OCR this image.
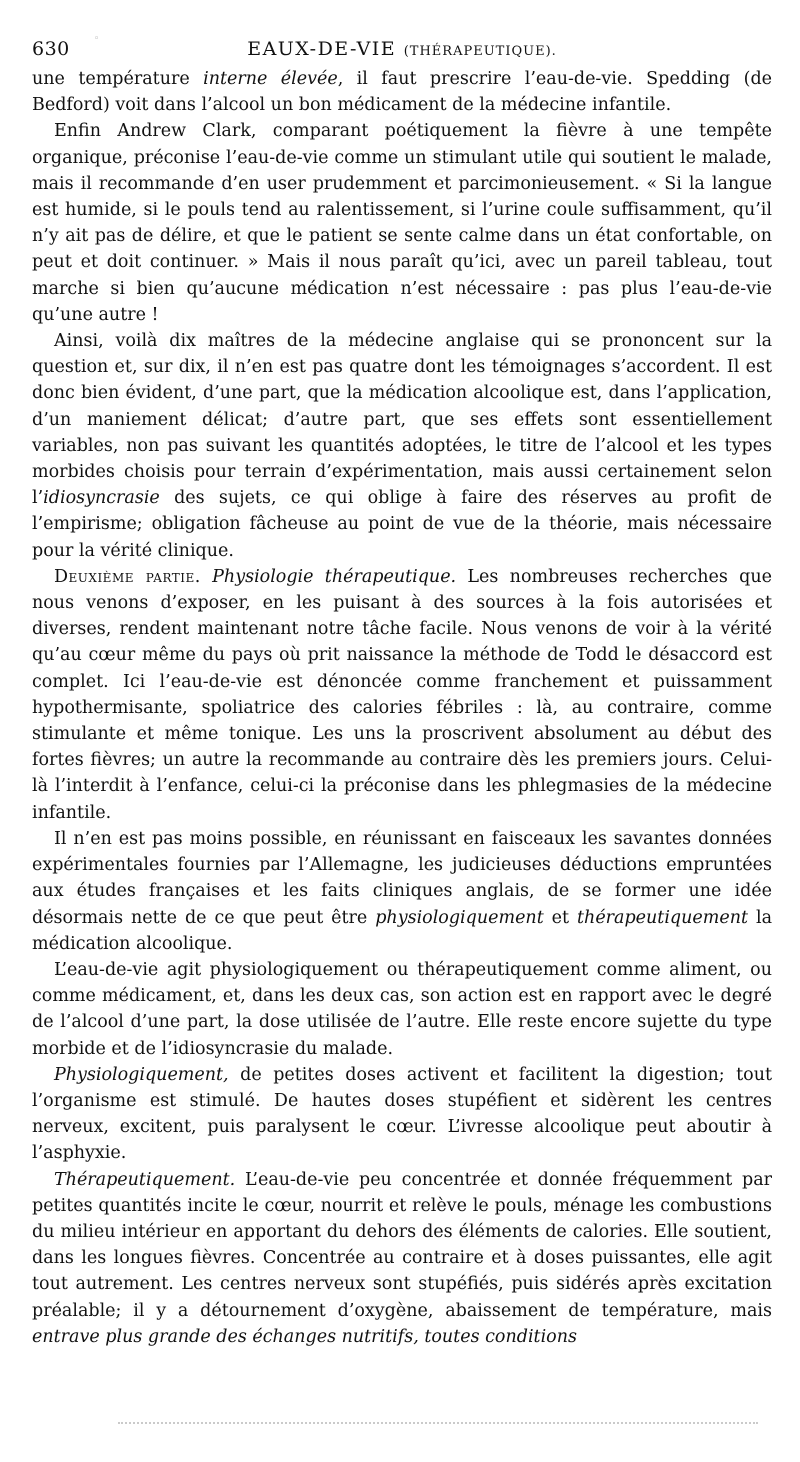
◦
630	EAUX-DE-VIE (THÉRAPEUTIQUE).

une température interne élevée, il faut prescrire l’eau-de-vie. Spedding (de Bedford) voit dans l’alcool un bon médicament de la médecine infantile.

Enfin Andrew Clark, comparant poétiquement la fièvre à une tempête organique, préconise l’eau-de-vie comme un stimulant utile qui soutient le malade, mais il recommande d’en user prudemment et parcimonieusement. « Si la langue est humide, si le pouls tend au ralentissement, si l’urine coule suffisamment, qu’il n’y ait pas de délire, et que le patient se sente calme dans un état confortable, on peut et doit continuer. » Mais il nous paraît qu’ici, avec un pareil tableau, tout marche si bien qu’aucune médication n’est nécessaire : pas plus l’eau-de-vie qu’une autre !

Ainsi, voilà dix maîtres de la médecine anglaise qui se prononcent sur la question et, sur dix, il n’en est pas quatre dont les témoignages s’accordent. Il est donc bien évident, d’une part, que la médication alcoolique est, dans l’application, d’un maniement délicat; d’autre part, que ses effets sont essentiellement variables, non pas suivant les quantités adoptées, le titre de l’alcool et les types morbides choisis pour terrain d’expérimentation, mais aussi certainement selon l’idiosyncrasie des sujets, ce qui oblige à faire des réserves au profit de l’empirisme; obligation fâcheuse au point de vue de la théorie, mais nécessaire pour la vérité clinique.

Deuxième partie. Physiologie thérapeutique. Les nombreuses recherches que nous venons d’exposer, en les puisant à des sources à la fois autorisées et diverses, rendent maintenant notre tâche facile. Nous venons de voir à la vérité qu’au cœur même du pays où prit naissance la méthode de Todd le désaccord est complet. Ici l’eau-de-vie est dénoncée comme franchement et puissamment hypothermisante, spoliatrice des calories fébriles : là, au contraire, comme stimulante et même tonique. Les uns la proscrivent absolument au début des fortes fièvres; un autre la recommande au contraire dès les premiers jours. Celui-là l’interdit à l’enfance, celui-ci la préconise dans les phlegmasies de la médecine infantile.

Il n’en est pas moins possible, en réunissant en faisceaux les savantes données expérimentales fournies par l’Allemagne, les judicieuses déductions empruntées aux études françaises et les faits cliniques anglais, de se former une idée désormais nette de ce que peut être physiologiquement et thérapeutiquement la médication alcoolique.

L’eau-de-vie agit physiologiquement ou thérapeutiquement comme aliment, ou comme médicament, et, dans les deux cas, son action est en rapport avec le degré de l’alcool d’une part, la dose utilisée de l’autre. Elle reste encore sujette du type morbide et de l’idiosyncrasie du malade.

Physiologiquement, de petites doses activent et facilitent la digestion; tout l’organisme est stimulé. De hautes doses stupéfient et sidèrent les centres nerveux, excitent, puis paralysent le cœur. L’ivresse alcoolique peut aboutir à l’asphyxie.

Thérapeutiquement. L’eau-de-vie peu concentrée et donnée fréquemment par petites quantités incite le cœur, nourrit et relève le pouls, ménage les combustions du milieu intérieur en apportant du dehors des éléments de calories. Elle soutient, dans les longues fièvres. Concentrée au contraire et à doses puissantes, elle agit tout autrement. Les centres nerveux sont stupéfiés, puis sidérés après excitation préalable; il y a détournement d’oxygène, abaissement de température, mais entrave plus grande des échanges nutritifs, toutes conditions
